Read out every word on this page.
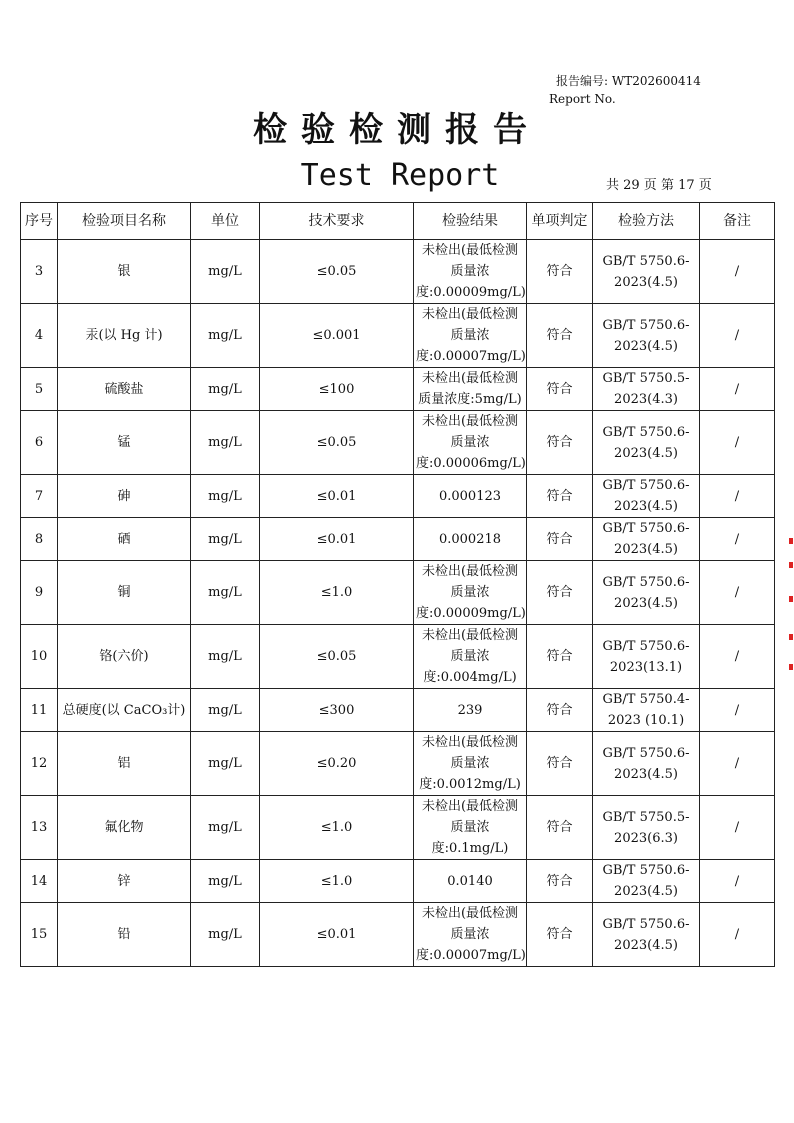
报告编号: WT202600414
Report No.
检验检测报告
Test Report	共 29 页 第 17 页
序号	检验项目名称	单位	技术要求	检验结果	单项判定	检验方法	备注
3	银	mg/L	≤0.05	未检出(最低检测质量浓度:0.00009mg/L)	符合	GB/T 5750.6-2023(4.5)	/
4	汞(以 Hg 计)	mg/L	≤0.001	未检出(最低检测质量浓度:0.00007mg/L)	符合	GB/T 5750.6-2023(4.5)	/
5	硫酸盐	mg/L	≤100	未检出(最低检测质量浓度:5mg/L)	符合	GB/T 5750.5-2023(4.3)	/
6	锰	mg/L	≤0.05	未检出(最低检测质量浓度:0.00006mg/L)	符合	GB/T 5750.6-2023(4.5)	/
7	砷	mg/L	≤0.01	0.000123	符合	GB/T 5750.6-2023(4.5)	/
8	硒	mg/L	≤0.01	0.000218	符合	GB/T 5750.6-2023(4.5)	/
9	铜	mg/L	≤1.0	未检出(最低检测质量浓度:0.00009mg/L)	符合	GB/T 5750.6-2023(4.5)	/
10	铬(六价)	mg/L	≤0.05	未检出(最低检测质量浓度:0.004mg/L)	符合	GB/T 5750.6-2023(13.1)	/
11	总硬度(以 CaCO₃计)	mg/L	≤300	239	符合	GB/T 5750.4-2023 (10.1)	/
12	铝	mg/L	≤0.20	未检出(最低检测质量浓度:0.0012mg/L)	符合	GB/T 5750.6-2023(4.5)	/
13	氟化物	mg/L	≤1.0	未检出(最低检测质量浓度:0.1mg/L)	符合	GB/T 5750.5-2023(6.3)	/
14	锌	mg/L	≤1.0	0.0140	符合	GB/T 5750.6-2023(4.5)	/
15	铅	mg/L	≤0.01	未检出(最低检测质量浓度:0.00007mg/L)	符合	GB/T 5750.6-2023(4.5)	/
